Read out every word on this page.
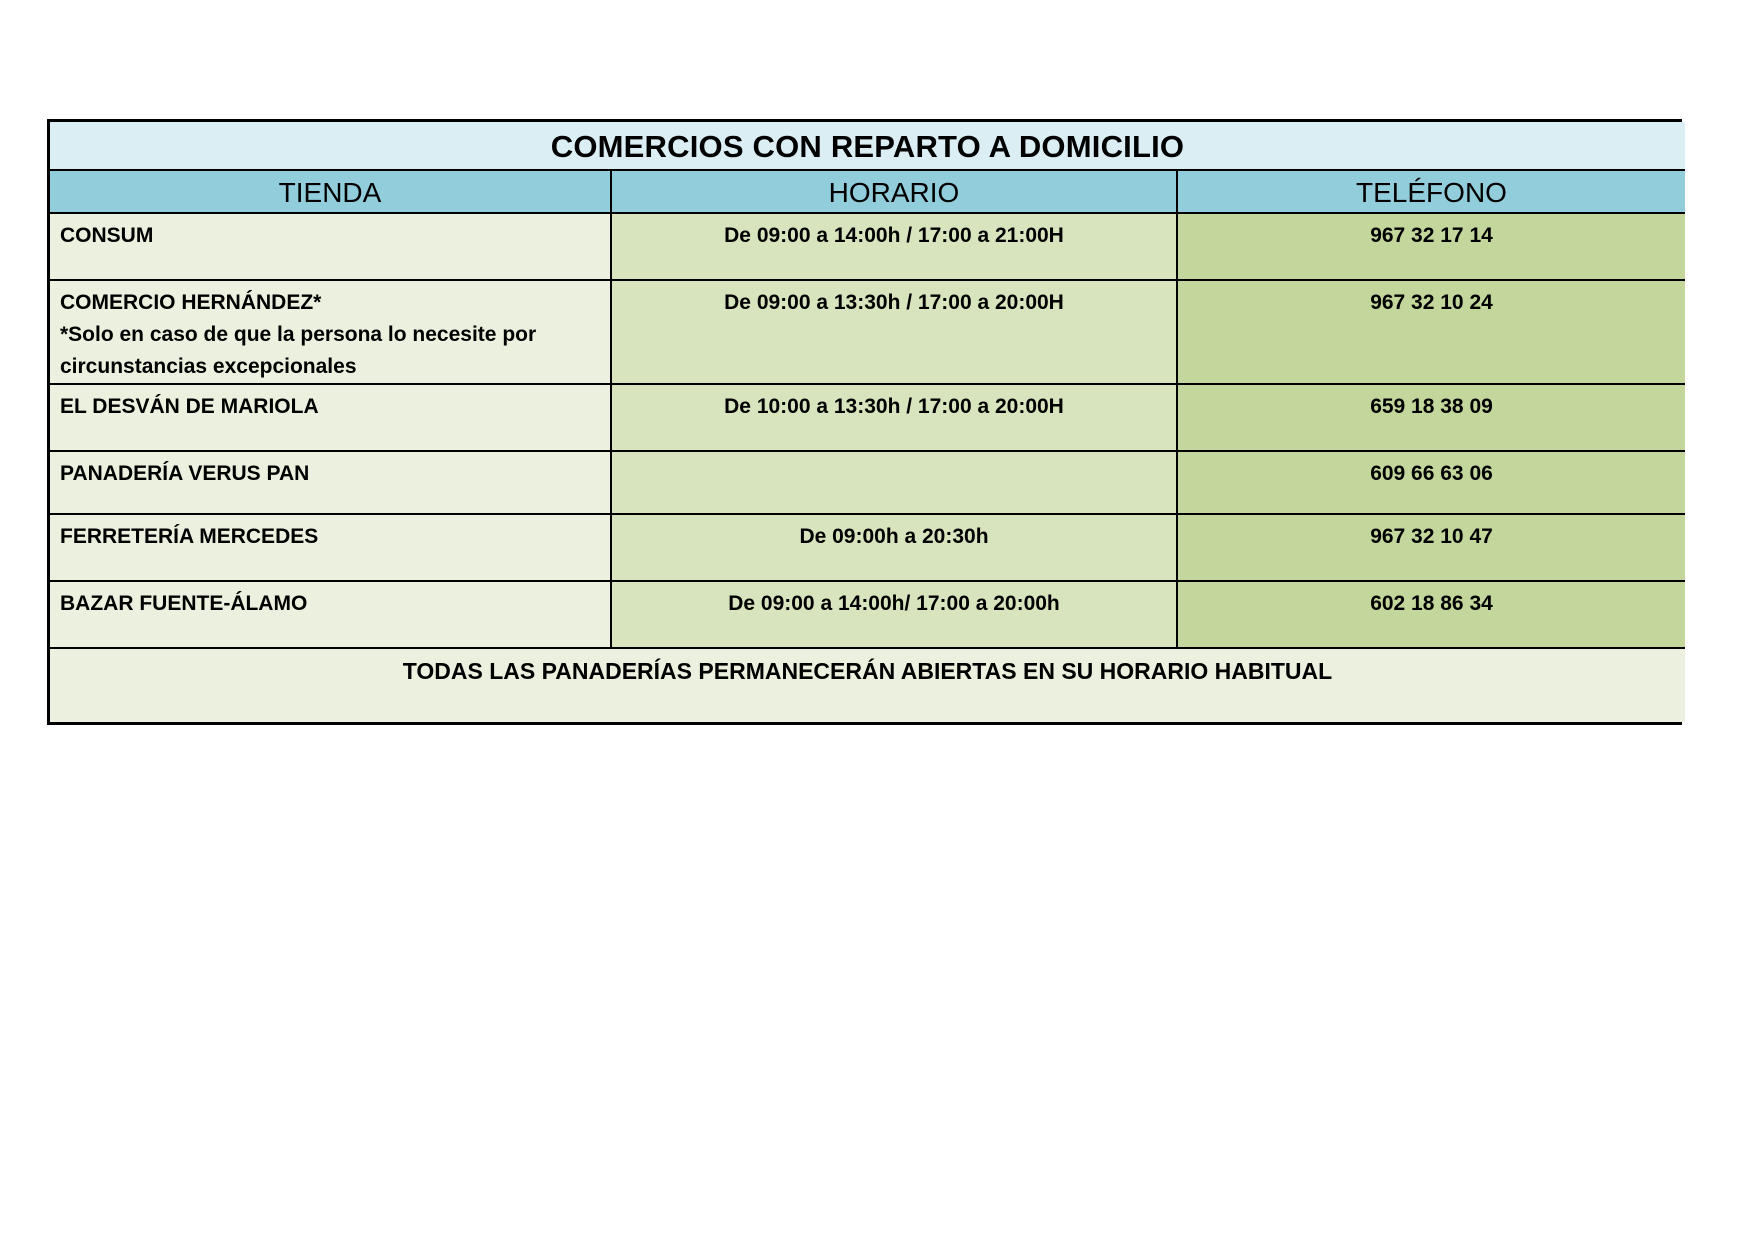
COMERCIOS CON REPARTO A DOMICILIO		
TIENDA	HORARIO	TELÉFONO
CONSUM	De 09:00 a 14:00h / 17:00 a 21:00H	967 32 17 14
COMERCIO HERNÁNDEZ*
*Solo en caso de que la persona lo necesite por circunstancias excepcionales	De 09:00 a 13:30h / 17:00 a 20:00H	967 32 10 24
EL DESVÁN DE MARIOLA	De 10:00 a 13:30h / 17:00 a 20:00H	659 18 38 09
PANADERÍA VERUS PAN		609 66 63 06
FERRETERÍA MERCEDES	De 09:00h a 20:30h	967 32 10 47
BAZAR FUENTE-ÁLAMO	De 09:00 a 14:00h/ 17:00 a 20:00h	602 18 86 34
TODAS LAS PANADERÍAS PERMANECERÁN ABIERTAS EN SU HORARIO HABITUAL		
